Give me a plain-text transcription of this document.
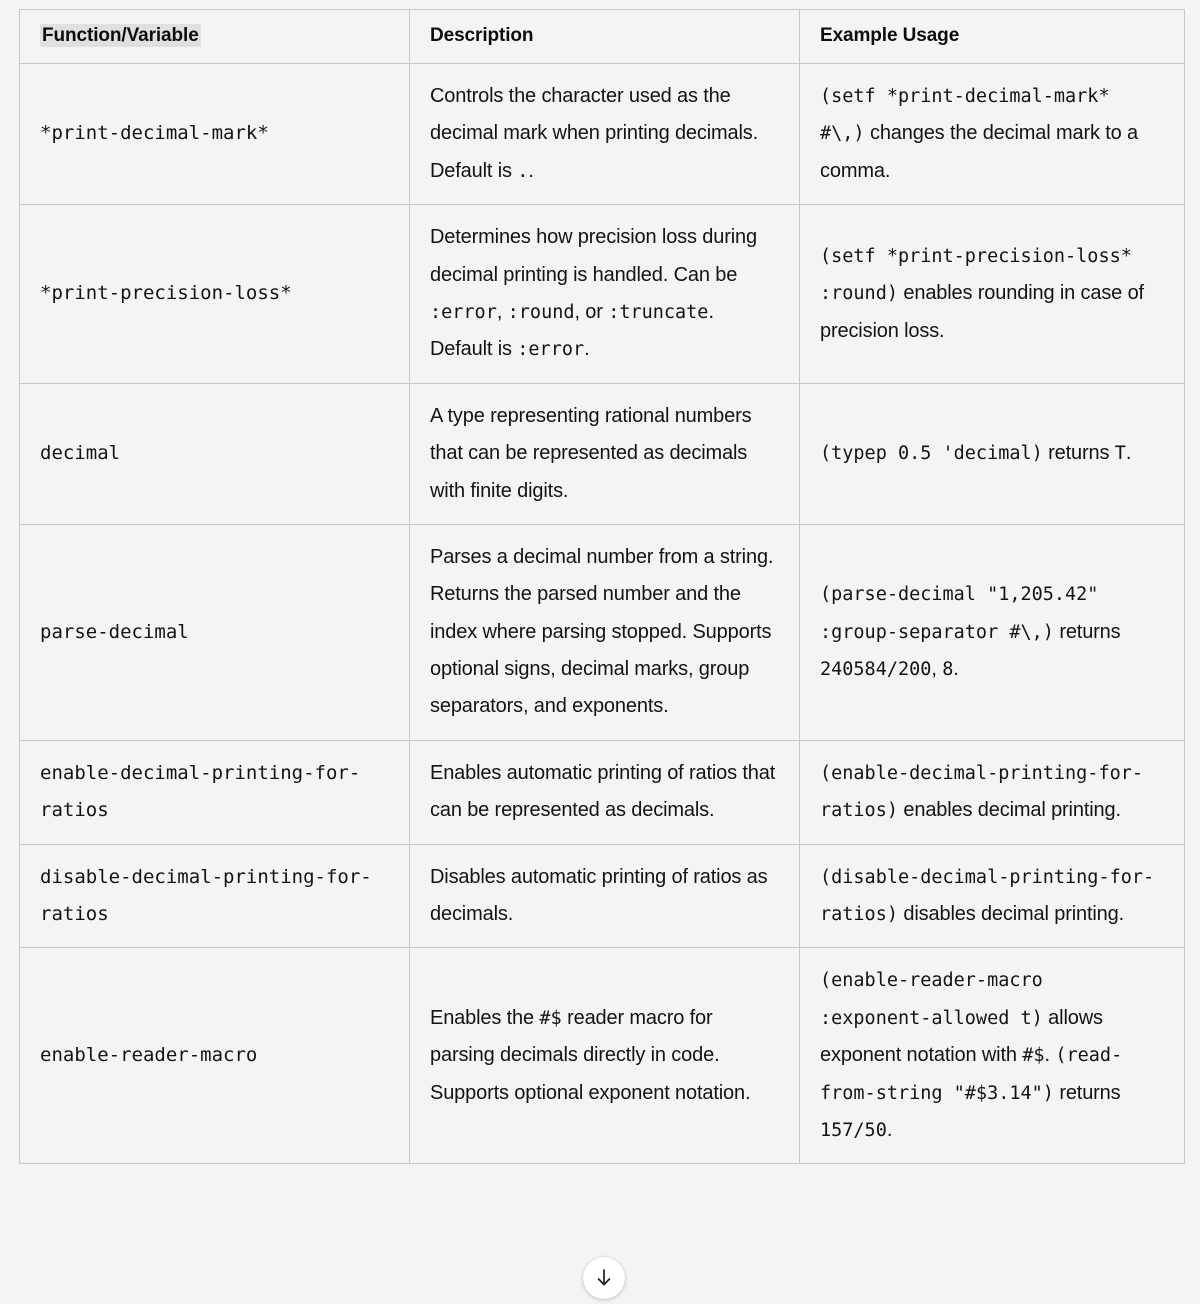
Function/Variable	Description	Example Usage
*print-decimal-mark*	Controls the character used as the decimal mark when printing decimals. Default is ..	(setf *print-decimal-mark* #\,) changes the decimal mark to a comma.
*print-precision-loss*	Determines how precision loss during decimal printing is handled. Can be :error, :round, or :truncate. Default is :error.	(setf *print-precision-loss* :round) enables rounding in case of precision loss.
decimal	A type representing rational numbers that can be represented as decimals with finite digits.	(typep 0.5 'decimal) returns T.
parse-decimal	Parses a decimal number from a string. Returns the parsed number and the index where parsing stopped. Supports optional signs, decimal marks, group separators, and exponents.	(parse-decimal "1,205.42" :group-separator #\,) returns 240584/200, 8.
enable-decimal-printing-for-ratios	Enables automatic printing of ratios that can be represented as decimals.	(enable-decimal-printing-for-ratios) enables decimal printing.
disable-decimal-printing-for-ratios	Disables automatic printing of ratios as decimals.	(disable-decimal-printing-for-ratios) disables decimal printing.
enable-reader-macro	Enables the #$ reader macro for parsing decimals directly in code. Supports optional exponent notation.	(enable-reader-macro :exponent-allowed t) allows exponent notation with #$. (read-from-string "#$3.14") returns 157/50.
